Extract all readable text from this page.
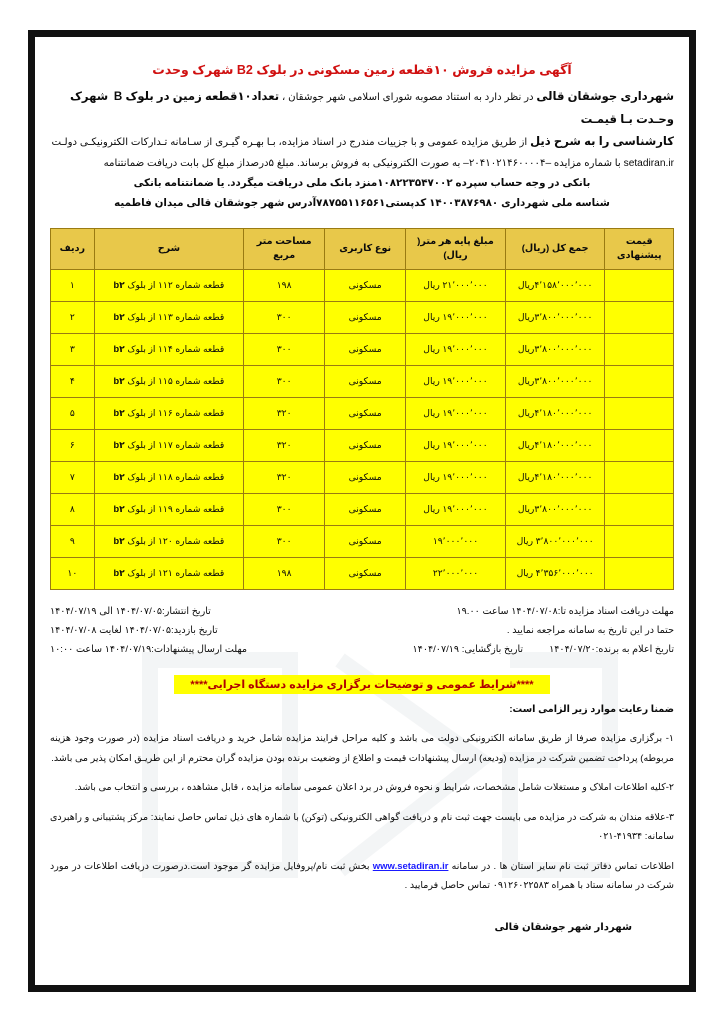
آگهی مزایده فروش ۱۰قطعه زمین مسکونی در بلوک B2 شهرک وحدت
شهرداری جوشقان قالی در نظر دارد به استناد مصوبه شورای اسلامی شهر جوشقان ، تعداد۱۰قطعه زمین در بلوک B  شهرک وحـدت بـا قیمـت
کارشناسی را به شرح ذیل از طریق مزایده عمومی و با جزییات مندرج در اسناد مزایده، بـا بهـره گیـری از سـامانه تـدارکات الکترونیکـی دولـت
setadiran.ir با شماره مزایده –۲۰۴۱۰۲۱۴۶۰۰۰۰۴– به صورت الکترونیکی به فروش برساند. مبلغ ۵درصداز مبلغ کل بابت دریافت ضمانتنامه
بانکی در وجه حساب سپرده ۱۰۸۲۲۳۵۴۷۰۰۲منزد بانک ملی دریافت میگردد. یا ضمانتنامه بانکی
شناسه ملی شهرداری ۱۴۰۰۳۸۷۶۹۸۰ کدپستی۷۸۷۵۵۱۱۶۵۶۱آدرس شهر جوشقان قالی میدان فاطمیه
قیمت پیشنهادی	جمع کل (ریال)	مبلغ پایه هر متر( ریال)	نوع کاربری	مساحت متر مربع	شرح	ردیف
	۴٬۱۵۸٬۰۰۰٬۰۰۰ریال	۲۱٬۰۰۰٬۰۰۰ ریال	مسکونی	۱۹۸	قطعه شماره ۱۱۲ از بلوک b٢	۱
	۳٬۸۰۰٬۰۰۰٬۰۰۰ریال	۱۹٬۰۰۰٬۰۰۰ ریال	مسکونی	۳۰۰	قطعه شماره ۱۱۳ از بلوک b٢	۲
	۳٬۸۰۰٬۰۰۰٬۰۰۰ریال	۱۹٬۰۰۰٬۰۰۰ ریال	مسکونی	۳۰۰	قطعه شماره ۱۱۴ از بلوک b٢	۳
	۳٬۸۰۰٬۰۰۰٬۰۰۰ریال	۱۹٬۰۰۰٬۰۰۰ ریال	مسکونی	۳۰۰	قطعه شماره ۱۱۵ از بلوک b٢	۴
	۴٬۱۸۰٬۰۰۰٬۰۰۰ریال	۱۹٬۰۰۰٬۰۰۰ ریال	مسکونی	۳۲۰	قطعه شماره ۱۱۶ از بلوک b٢	۵
	۴٬۱۸۰٬۰۰۰٬۰۰۰ریال	۱۹٬۰۰۰٬۰۰۰ ریال	مسکونی	۳۲۰	قطعه شماره ۱۱۷ از بلوک b٢	۶
	۴٬۱۸۰٬۰۰۰٬۰۰۰ریال	۱۹٬۰۰۰٬۰۰۰ ریال	مسکونی	۳۲۰	قطعه شماره ۱۱۸ از بلوک b٢	۷
	۳٬۸۰۰٬۰۰۰٬۰۰۰ریال	۱۹٬۰۰۰٬۰۰۰ ریال	مسکونی	۳۰۰	قطعه شماره ۱۱۹ از بلوک b٢	۸
	۳٬۸۰۰٬۰۰۰٬۰۰۰ ریال	۱۹٬۰۰۰٬۰۰۰	مسکونی	۳۰۰	قطعه شماره ۱۲۰ از بلوک b٢	۹
	۴٬۳۵۶٬۰۰۰٬۰۰۰ ریال	۲۲٬۰۰۰٬۰۰۰	مسکونی	۱۹۸	قطعه شماره ۱۲۱ از بلوک b٢	۱۰
مهلت دریافت اسناد مزایده تا:۱۴۰۴/۰۷/۰۸ ساعت ۱۹.۰۰
تاریخ انتشار:۱۴۰۴/۰۷/۰۵ الی ۱۴۰۴/۰۷/۱۹
حتما در این تاریخ به سامانه مراجعه نمایید .
تاریخ بازدید:۱۴۰۴/۰۷/۰۵ لغایت ۱۴۰۴/۰۷/۰۸
تاریخ اعلام به برنده:۱۴۰۴/۰۷/۲۰
تاریخ بازگشایی: ۱۴۰۴/۰۷/۱۹
مهلت ارسال پیشنهادات:۱۴۰۴/۰۷/۱۹ ساعت ۱۰:۰۰
****شرایط عمومی و توضیحات برگزاری مزایده دستگاه اجرایی****
ضمنا رعایت موارد زیر الزامی است:

۱- برگزاری مزایده صرفا از طریق سامانه الکترونیکی دولت می باشد و کلیه مراحل فرایند مزایده شامل خرید و دریافت اسناد مزایده (در صورت وجود هزینه مربوطه) پرداخت تضمین شرکت در مزایده (ودیعه) ارسال پیشنهادات قیمت و اطلاع از وضعیت برنده بودن مزایده گران محترم از این طریـق امکان پذیر می باشد.

۲-کلیه اطلاعات املاک و مستغلات شامل مشخصات، شرایط و نحوه فروش در برد اعلان عمومی سامانه مزایده ، قابل مشاهده ، بررسی و انتخاب می باشد.

۳-علاقه مندان به شرکت در مزایده می بایست جهت ثبت نام و دریافت گواهی الکترونیکی (توکن) با شماره های ذیل تماس حاصل نمایند: مرکز پشتیبانی و راهبردی سامانه: ۰۲۱-۴۱۹۳۴

اطلاعات تماس دفاتر ثبت نام سایر استان ها . در سامانه www.setadiran.ir بخش ثبت نام/پروفایل مزایده گر موجود است.درصورت دریافت اطلاعات در مورد شرکت در سامانه ستاد با همراه ۰۹۱۲۶۰۲۲۵۸۳ تماس حاصل فرمایید .

شهردار شهر جوشقان قالی
